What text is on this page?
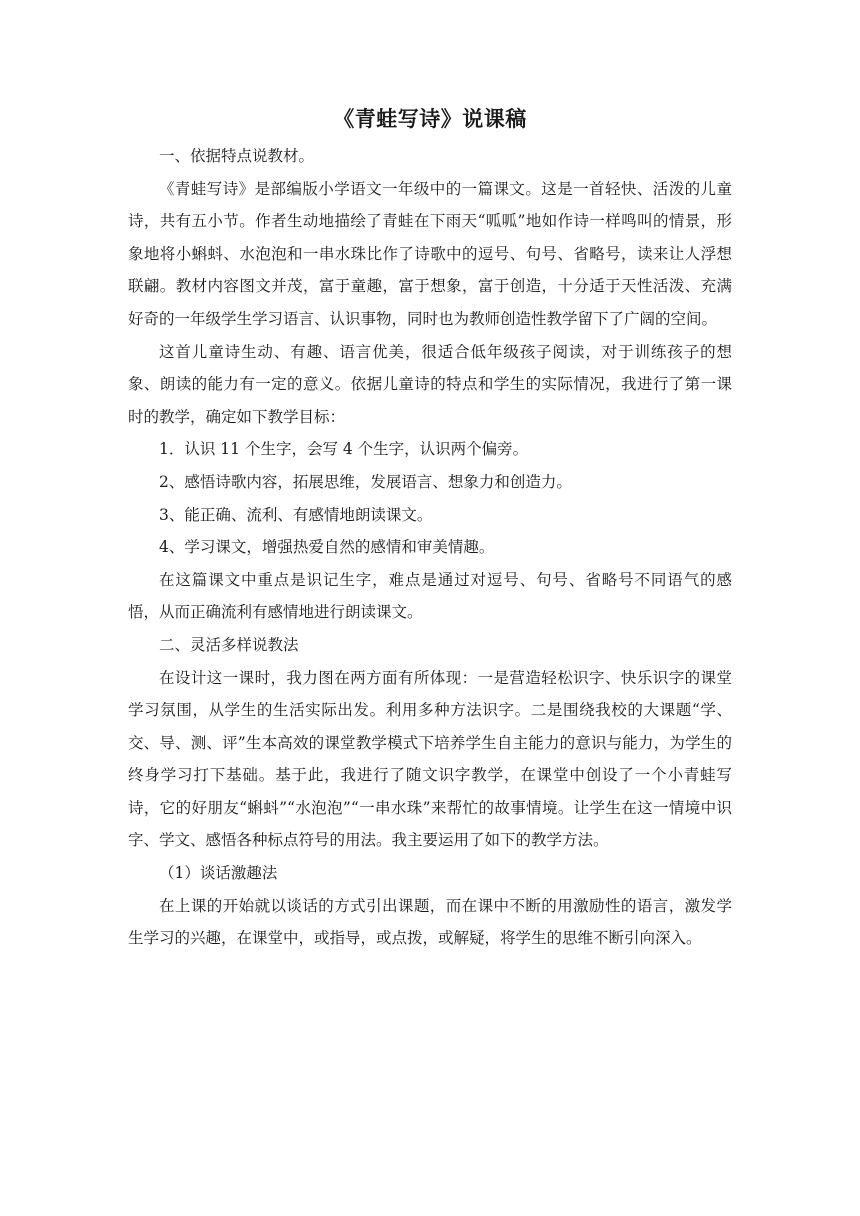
《青蛙写诗》说课稿

一、依据特点说教材。

《青蛙写诗》是部编版小学语文一年级中的一篇课文。这是一首轻快、活泼的儿童诗，共有五小节。作者生动地描绘了青蛙在下雨天“呱呱”地如作诗一样鸣叫的情景，形象地将小蝌蚪、水泡泡和一串水珠比作了诗歌中的逗号、句号、省略号，读来让人浮想联翩。教材内容图文并茂，富于童趣，富于想象，富于创造，十分适于天性活泼、充满好奇的一年级学生学习语言、认识事物，同时也为教师创造性教学留下了广阔的空间。

这首儿童诗生动、有趣、语言优美，很适合低年级孩子阅读，对于训练孩子的想象、朗读的能力有一定的意义。依据儿童诗的特点和学生的实际情况，我进行了第一课时的教学，确定如下教学目标：

1．认识 11 个生字，会写 4 个生字，认识两个偏旁。

2、感悟诗歌内容，拓展思维，发展语言、想象力和创造力。

3、能正确、流利、有感情地朗读课文。

4、学习课文，增强热爱自然的感情和审美情趣。

在这篇课文中重点是识记生字，难点是通过对逗号、句号、省略号不同语气的感悟，从而正确流利有感情地进行朗读课文。

二、灵活多样说教法

在设计这一课时，我力图在两方面有所体现：一是营造轻松识字、快乐识字的课堂学习氛围，从学生的生活实际出发。利用多种方法识字。二是围绕我校的大课题“学、交、导、测、评”生本高效的课堂教学模式下培养学生自主能力的意识与能力，为学生的终身学习打下基础。基于此，我进行了随文识字教学，在课堂中创设了一个小青蛙写诗，它的好朋友“蝌蚪”“水泡泡”“一串水珠”来帮忙的故事情境。让学生在这一情境中识字、学文、感悟各种标点符号的用法。我主要运用了如下的教学方法。

（1）谈话激趣法

在上课的开始就以谈话的方式引出课题，而在课中不断的用激励性的语言，激发学生学习的兴趣，在课堂中，或指导，或点拨，或解疑，将学生的思维不断引向深入。
